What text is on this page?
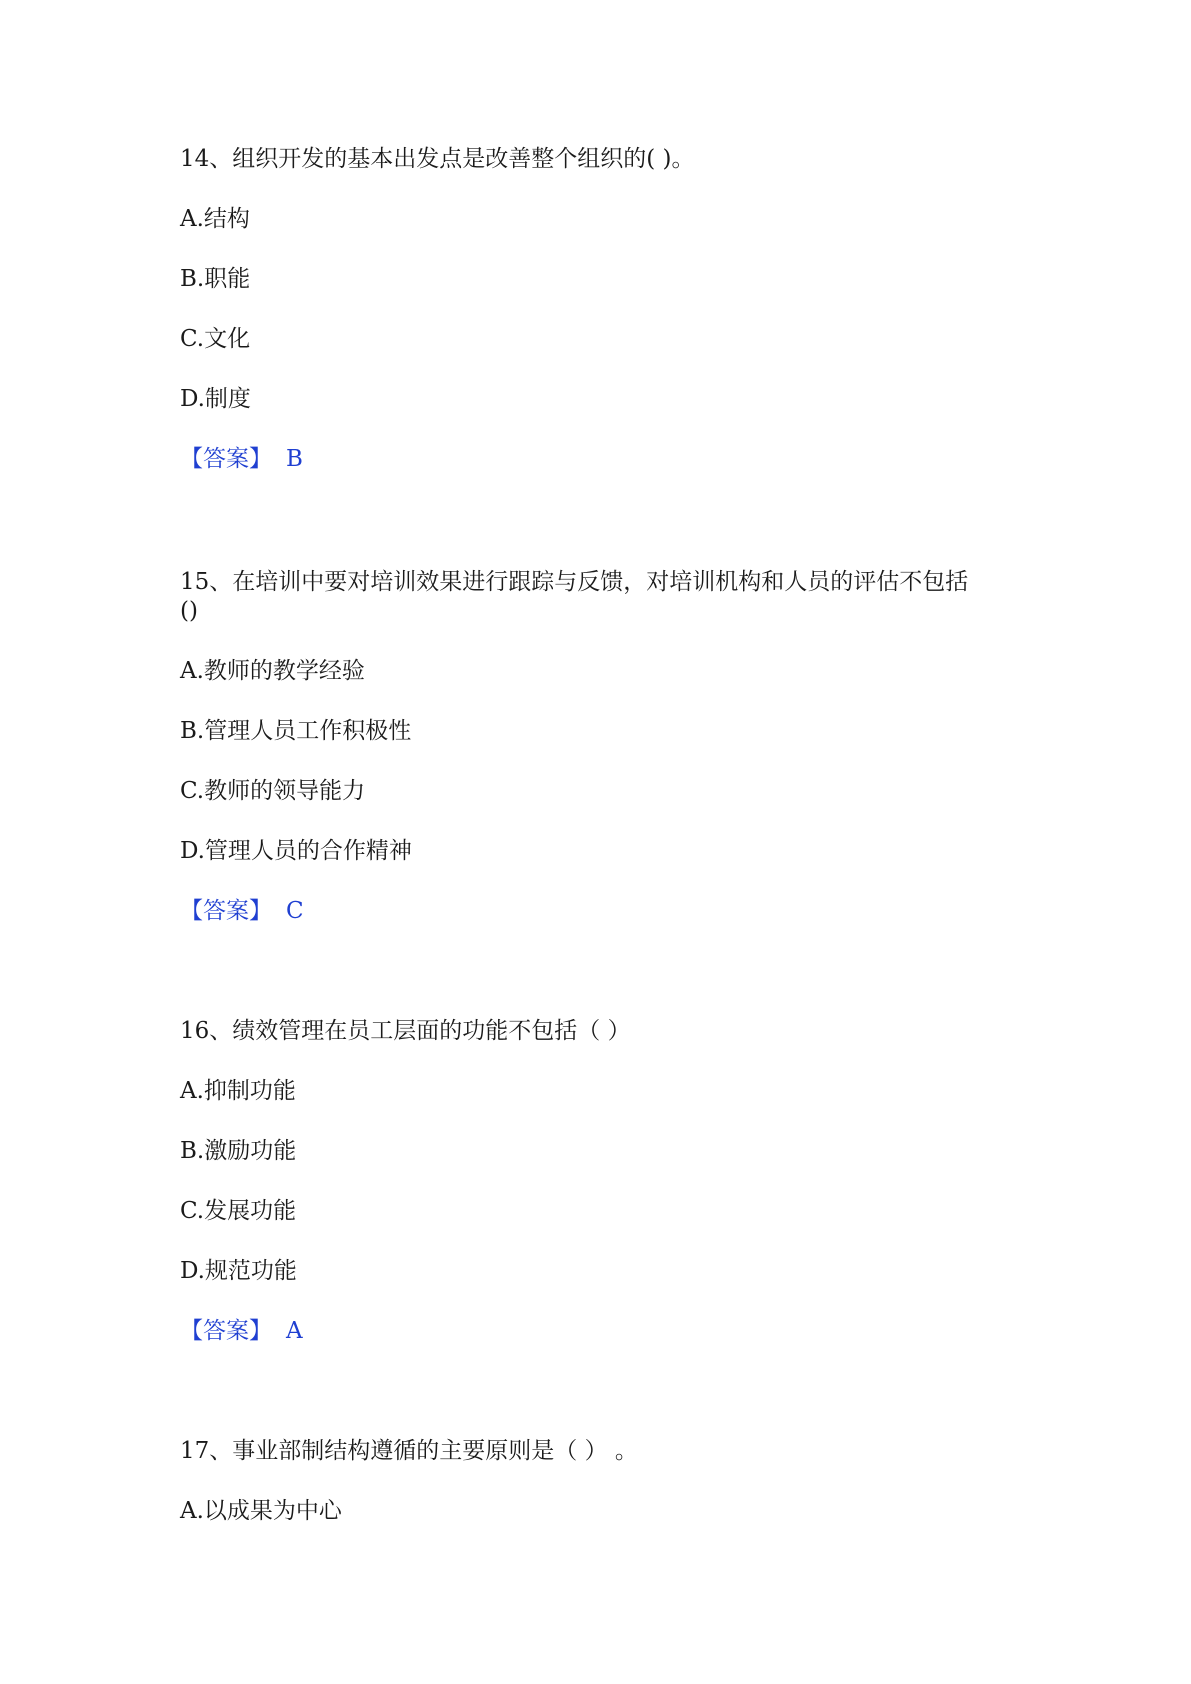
14、组织开发的基本出发点是改善整个组织的( )。
A.结构
B.职能
C.文化
D.制度
【答案】 B
15、在培训中要对培训效果进行跟踪与反馈，对培训机构和人员的评估不包括
()
A.教师的教学经验
B.管理人员工作积极性
C.教师的领导能力
D.管理人员的合作精神
【答案】 C
16、绩效管理在员工层面的功能不包括（ ）
A.抑制功能
B.激励功能
C.发展功能
D.规范功能
【答案】 A
17、事业部制结构遵循的主要原则是（ ） 。
A.以成果为中心
